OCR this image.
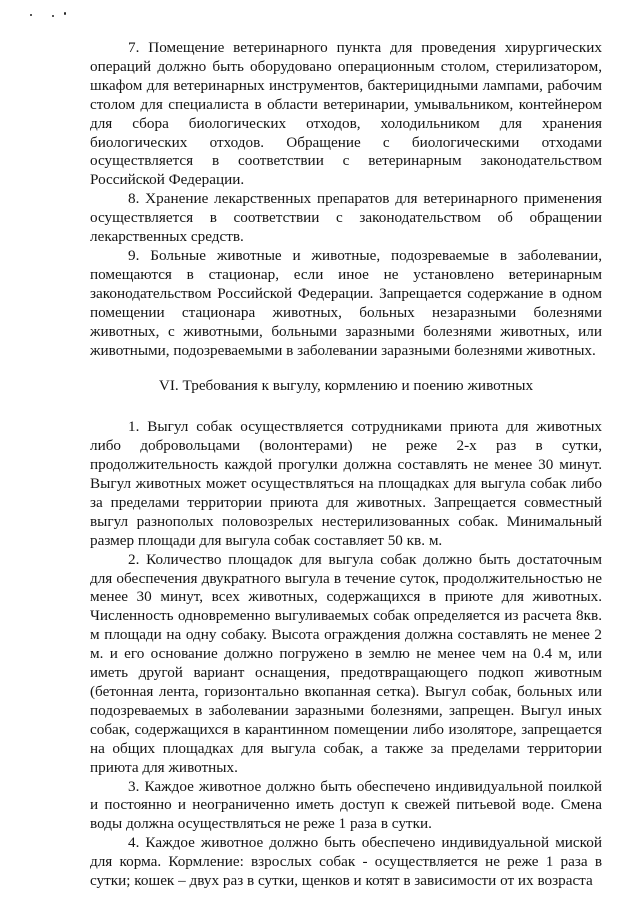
7. Помещение ветеринарного пункта для проведения хирургических операций должно быть оборудовано операционным столом, стерилизатором, шкафом для ветеринарных инструментов, бактерицидными лампами, рабочим столом для специалиста в области ветеринарии, умывальником, контейнером для сбора биологических отходов, холодильником для хранения биологических отходов. Обращение с биологическими отходами осуществляется в соответствии с ветеринарным законодательством Российской Федерации.

8. Хранение лекарственных препаратов для ветеринарного применения осуществляется в соответствии с законодательством об обращении лекарственных средств.

9. Больные животные и животные, подозреваемые в заболевании, помещаются в стационар, если иное не установлено ветеринарным законодательством Российской Федерации. Запрещается содержание в одном помещении стационара животных, больных незаразными болезнями животных, с животными, больными заразными болезнями животных, или животными, подозреваемыми в заболевании заразными болезнями животных.

VI. Требования к выгулу, кормлению и поению животных

1. Выгул собак осуществляется сотрудниками приюта для животных либо добровольцами (волонтерами) не реже 2-х раз в сутки, продолжительность каждой прогулки должна составлять не менее 30 минут. Выгул животных может осуществляться на площадках для выгула собак либо за пределами территории приюта для животных. Запрещается совместный выгул разнополых половозрелых нестерилизованных собак. Минимальный размер площади для выгула собак составляет 50 кв. м.

2. Количество площадок для выгула собак должно быть достаточным для обеспечения двукратного выгула в течение суток, продолжительностью не менее 30 минут, всех животных, содержащихся в приюте для животных. Численность одновременно выгуливаемых собак определяется из расчета 8кв. м площади на одну собаку. Высота ограждения должна составлять не менее 2 м. и его основание должно погружено в землю не менее чем на 0.4 м, или иметь другой вариант оснащения, предотвращающего подкоп животным (бетонная лента, горизонтально вкопанная сетка). Выгул собак, больных или подозреваемых в заболевании заразными болезнями, запрещен. Выгул иных собак, содержащихся в карантинном помещении либо изоляторе, запрещается на общих площадках для выгула собак, а также за пределами территории приюта для животных.

3. Каждое животное должно быть обеспечено индивидуальной поилкой и постоянно и неограниченно иметь доступ к свежей питьевой воде. Смена воды должна осуществляться не реже 1 раза в сутки.

4. Каждое животное должно быть обеспечено индивидуальной миской для корма. Кормление: взрослых собак - осуществляется не реже 1 раза в сутки; кошек – двух раз в сутки, щенков и котят в зависимости от их возраста
